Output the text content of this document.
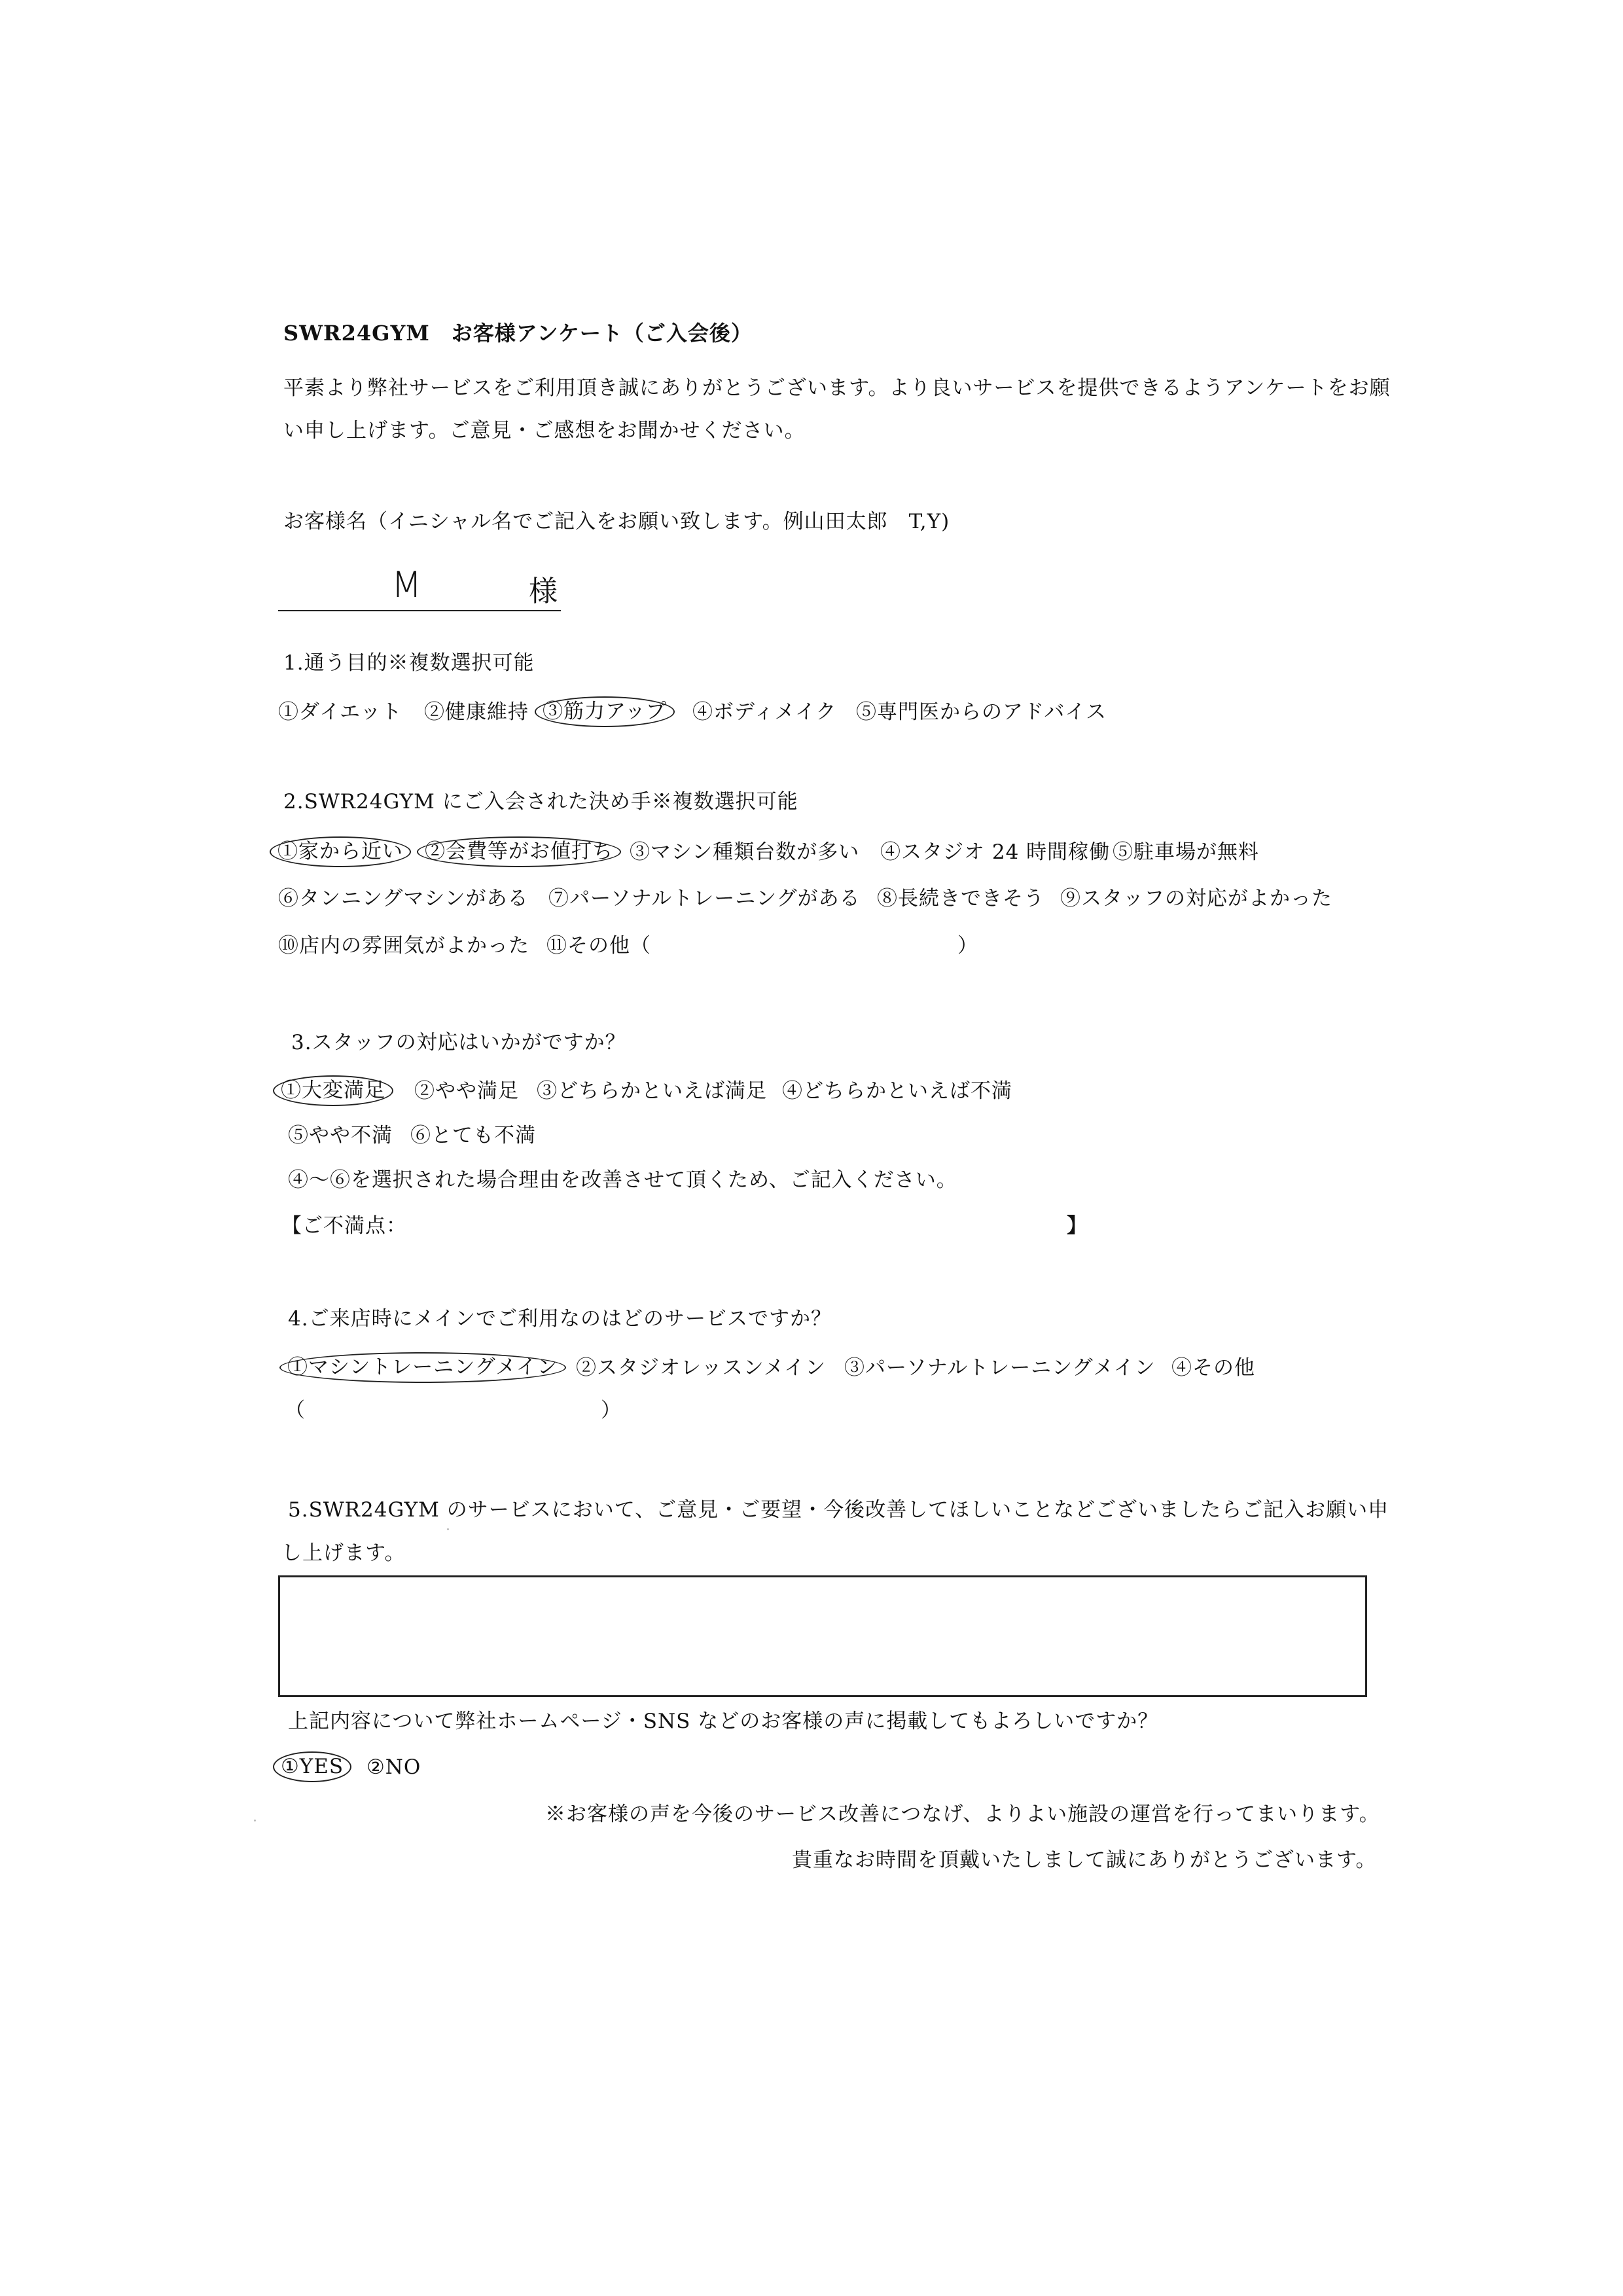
SWR24GYM　お客様アンケート（ご入会後）
平素より弊社サービスをご利用頂き誠にありがとうございます。より良いサービスを提供できるようアンケートをお願
い申し上げます。ご意見・ご感想をお聞かせください。
お客様名（イニシャル名でご記入をお願い致します。例山田太郎　T,Y)
M	様
1.通う目的※複数選択可能
①ダイエット ②健康維持 ③筋力アップ	④ボディメイク ⑤専門医からのアドバイス
2.SWR24GYM にご入会された決め手※複数選択可能
①家から近い	②会費等がお値打ち ③マシン種類台数が多い ④スタジオ 24 時間稼働 ⑤駐車場が無料
⑥タンニングマシンがある ⑦パーソナルトレーニングがある ⑧長続きできそう ⑨スタッフの対応がよかった
⑩店内の雰囲気がよかった ⑪その他（	）
3.スタッフの対応はいかがですか？
①大変満足	②やや満足 ③どちらかといえば満足 ④どちらかといえば不満
⑤やや不満 ⑥とても不満
④～⑥を選択された場合理由を改善させて頂くため、ご記入ください。
【ご不満点：	】
4.ご来店時にメインでご利用なのはどのサービスですか？
①マシントレーニングメイン ②スタジオレッスンメイン ③パーソナルトレーニングメイン ④その他
（	）
5.SWR24GYM のサービスにおいて、ご意見・ご要望・今後改善してほしいことなどございましたらご記入お願い申
し上げます。
上記内容について弊社ホームページ・SNS などのお客様の声に掲載してもよろしいですか？
①YES	②NO
※お客様の声を今後のサービス改善につなげ、よりよい施設の運営を行ってまいります。
貴重なお時間を頂戴いたしまして誠にありがとうございます。
